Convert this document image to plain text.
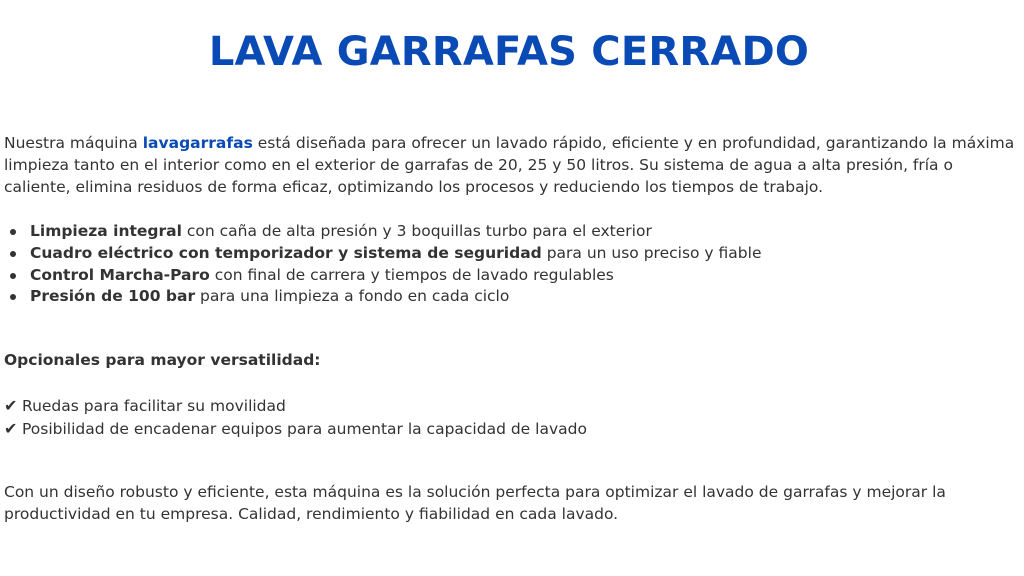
LAVA GARRAFAS CERRADO

Nuestra máquina lavagarrafas está diseñada para ofrecer un lavado rápido, eficiente y en profundidad, garantizando la máxima limpieza tanto en el interior como en el exterior de garrafas de 20, 25 y 50 litros. Su sistema de agua a alta presión, fría o caliente, elimina residuos de forma eficaz, optimizando los procesos y reduciendo los tiempos de trabajo.

Limpieza integral con caña de alta presión y 3 boquillas turbo para el exterior
Cuadro eléctrico con temporizador y sistema de seguridad para un uso preciso y fiable
Control Marcha-Paro con final de carrera y tiempos de lavado regulables
Presión de 100 bar para una limpieza a fondo en cada ciclo
Opcionales para mayor versatilidad:
✔ Ruedas para facilitar su movilidad
✔ Posibilidad de encadenar equipos para aumentar la capacidad de lavado

Con un diseño robusto y eficiente, esta máquina es la solución perfecta para optimizar el lavado de garrafas y mejorar la productividad en tu empresa. Calidad, rendimiento y fiabilidad en cada lavado.
